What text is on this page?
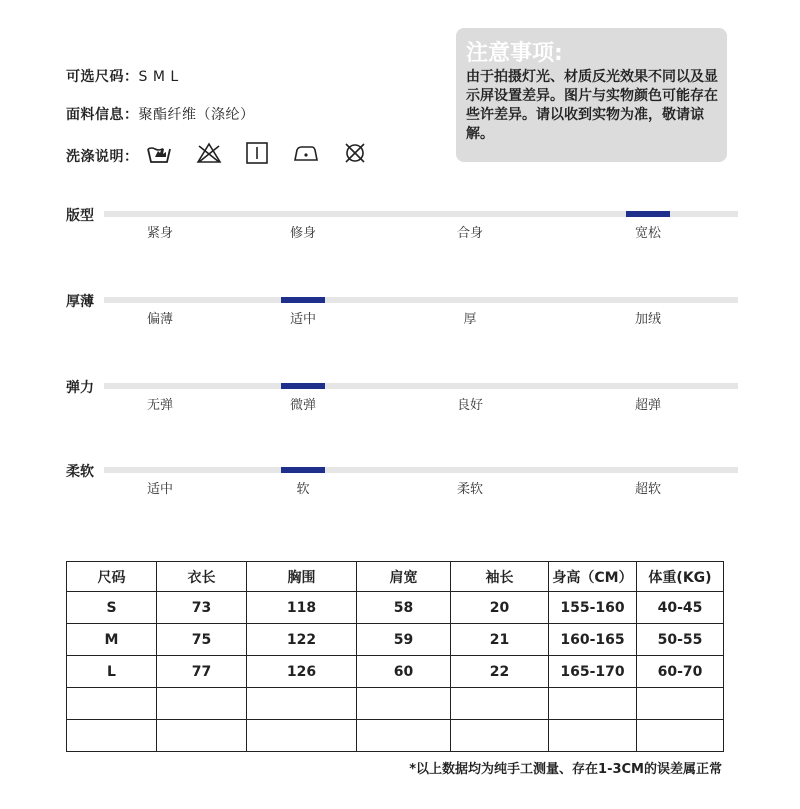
可选尺码：S M L
面料信息：聚酯纤维（涤纶）
洗涤说明：
注意事项:
由于拍摄灯光、材质反光效果不同以及显示屏设置差异。图片与实物颜色可能存在些许差异。请以收到实物为准，敬请谅解。
版型
紧身	修身	合身	宽松
厚薄
偏薄	适中	厚	加绒
弹力
无弹	微弹	良好	超弹
柔软
适中	软	柔软	超软
尺码	衣长	胸围	肩宽	袖长	身高（CM）	体重(KG)
S	73	118	58	20	155-160	40-45
M	75	122	59	21	160-165	50-55
L	77	126	60	22	165-170	60-70

*以上数据均为纯手工测量、存在1-3CM的误差属正常
